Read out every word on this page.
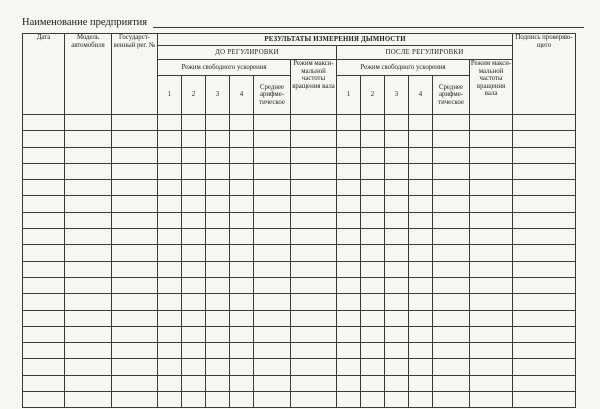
Наименование предприятия
Дата	Модель автомобиля	Государст-венный рег. №	РЕЗУЛЬТАТЫ ИЗМЕРЕНИЯ ДЫМНОСТИ												Подпись проверяю-щего
			ДО РЕГУЛИРОВКИ						ПОСЛЕ РЕГУЛИРОВКИ						
			Режим свободного ускорения					Режим макси-мальной частоты вращения вала	Режим свободного ускорения					Режим макси-мальной частоты вращения вала	
			1	2	3	4	Среднее арифме-тическое		1	2	3	4	Среднее арифме-тическое		
